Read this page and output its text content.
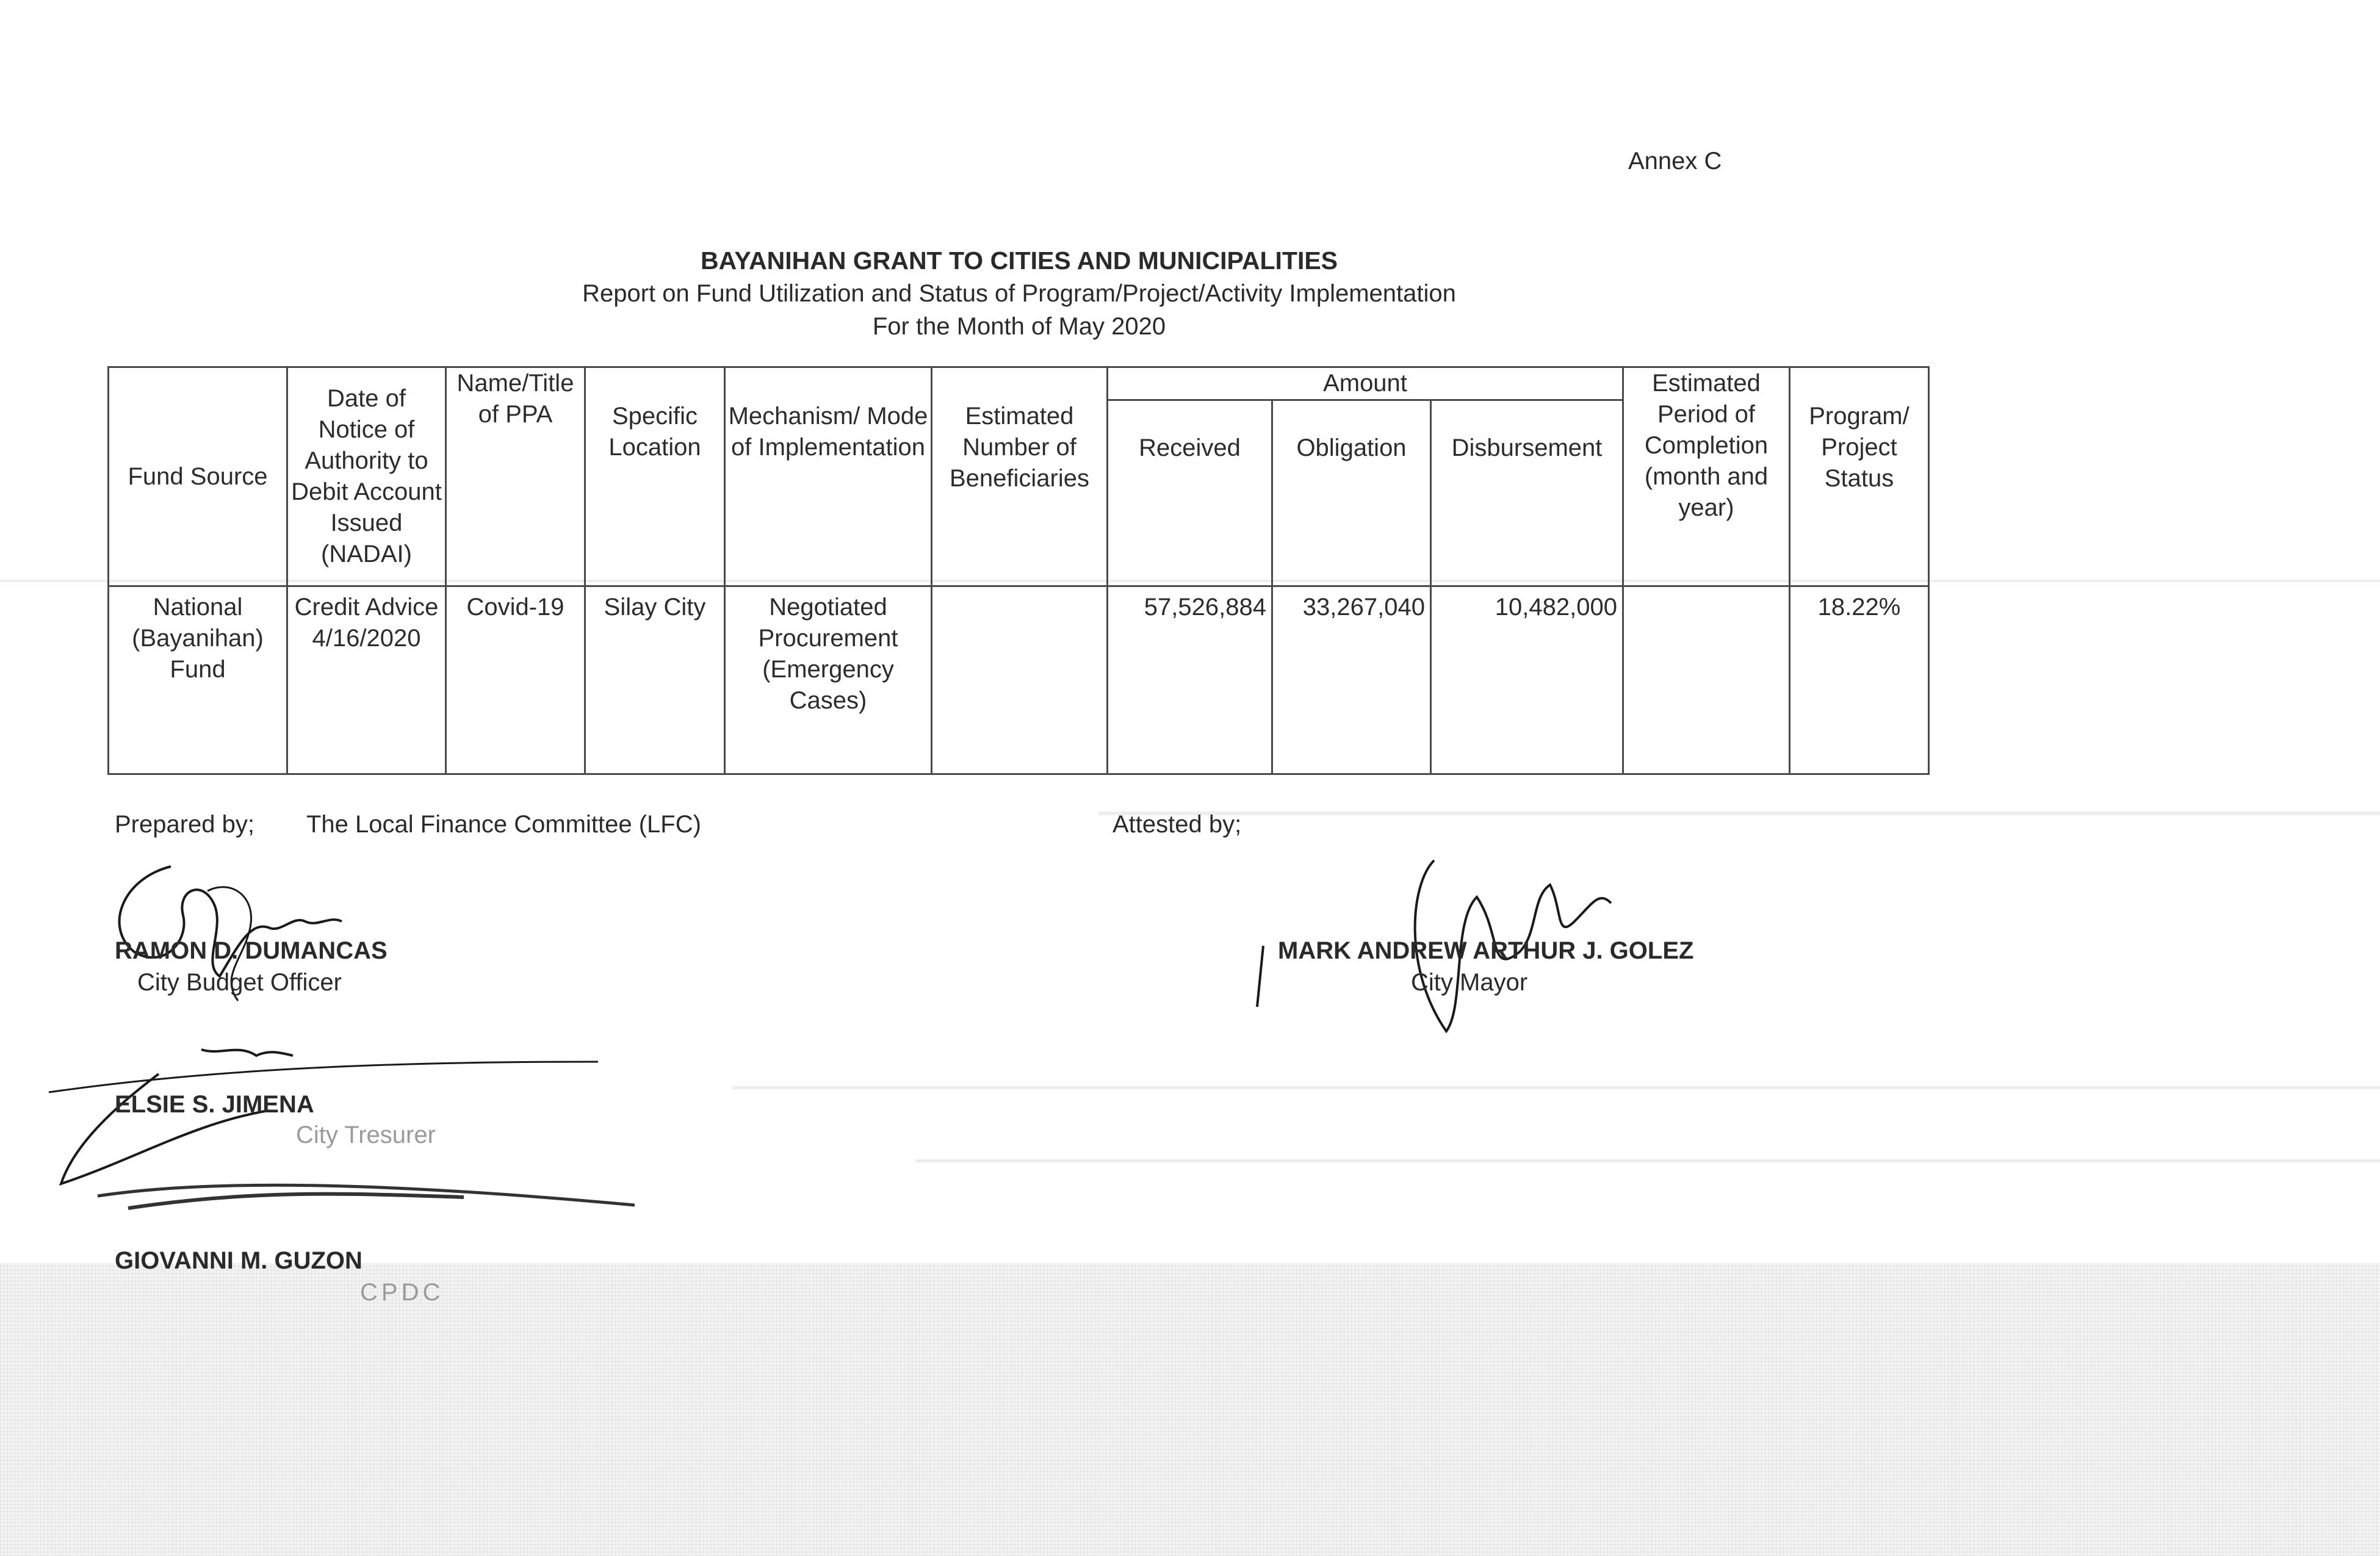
Annex C
BAYANIHAN GRANT TO CITIES AND MUNICIPALITIES
Report on Fund Utilization and Status of Program/Project/Activity Implementation
For the Month of May 2020
Fund Source	Date of Notice of Authority to Debit Account Issued (NADAI)	Name/Title of PPA	Specific Location	Mechanism/ Mode of Implementation	Estimated Number of Beneficiaries	Amount			Estimated Period of Completion (month and year)	Program/ Project Status
						Received	Obligation	Disbursement		
National (Bayanihan) Fund	Credit Advice 4/16/2020	Covid-19	Silay City	Negotiated Procurement (Emergency Cases)		57,526,884	33,267,040	10,482,000		18.22%
Prepared by; The Local Finance Committee (LFC)	Attested by;
RAMON D. DUMANCAS
City Budget Officer
MARK ANDREW ARTHUR J. GOLEZ
City Mayor
ELSIE S. JIMENA
City Tresurer
GIOVANNI M. GUZON
CPDC
